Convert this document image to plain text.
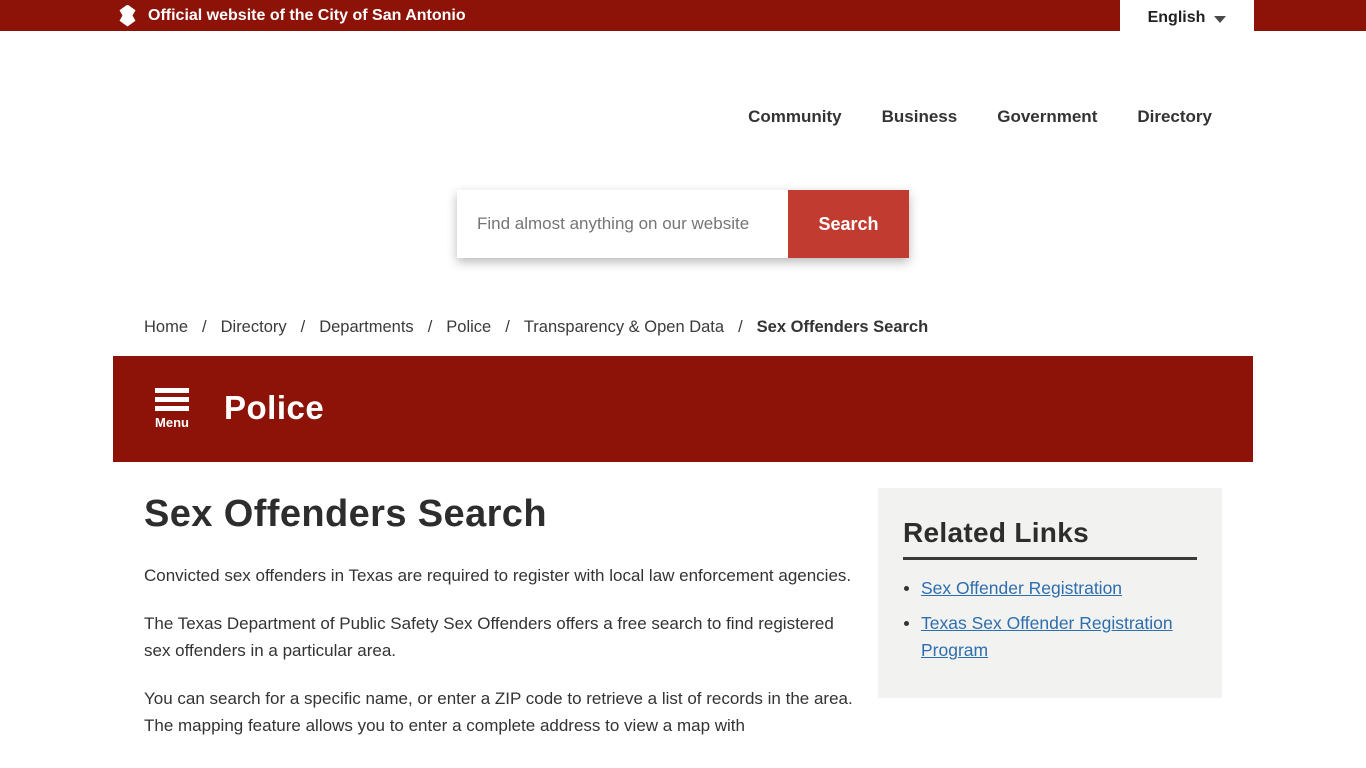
Official website of the City of San Antonio	English
Community Business Government Directory
Find almost anything on our website
Search
Home / Directory / Departments / Police / Transparency & Open Data / Sex Offenders Search
Menu Police
Sex Offenders Search

Convicted sex offenders in Texas are required to register with local law enforcement agencies.

The Texas Department of Public Safety Sex Offenders offers a free search to find registered sex offenders in a particular area.

You can search for a specific name, or enter a ZIP code to retrieve a list of records in the area. The mapping feature allows you to enter a complete address to view a map with

Related Links
• Sex Offender Registration
• Texas Sex Offender Registration Program
